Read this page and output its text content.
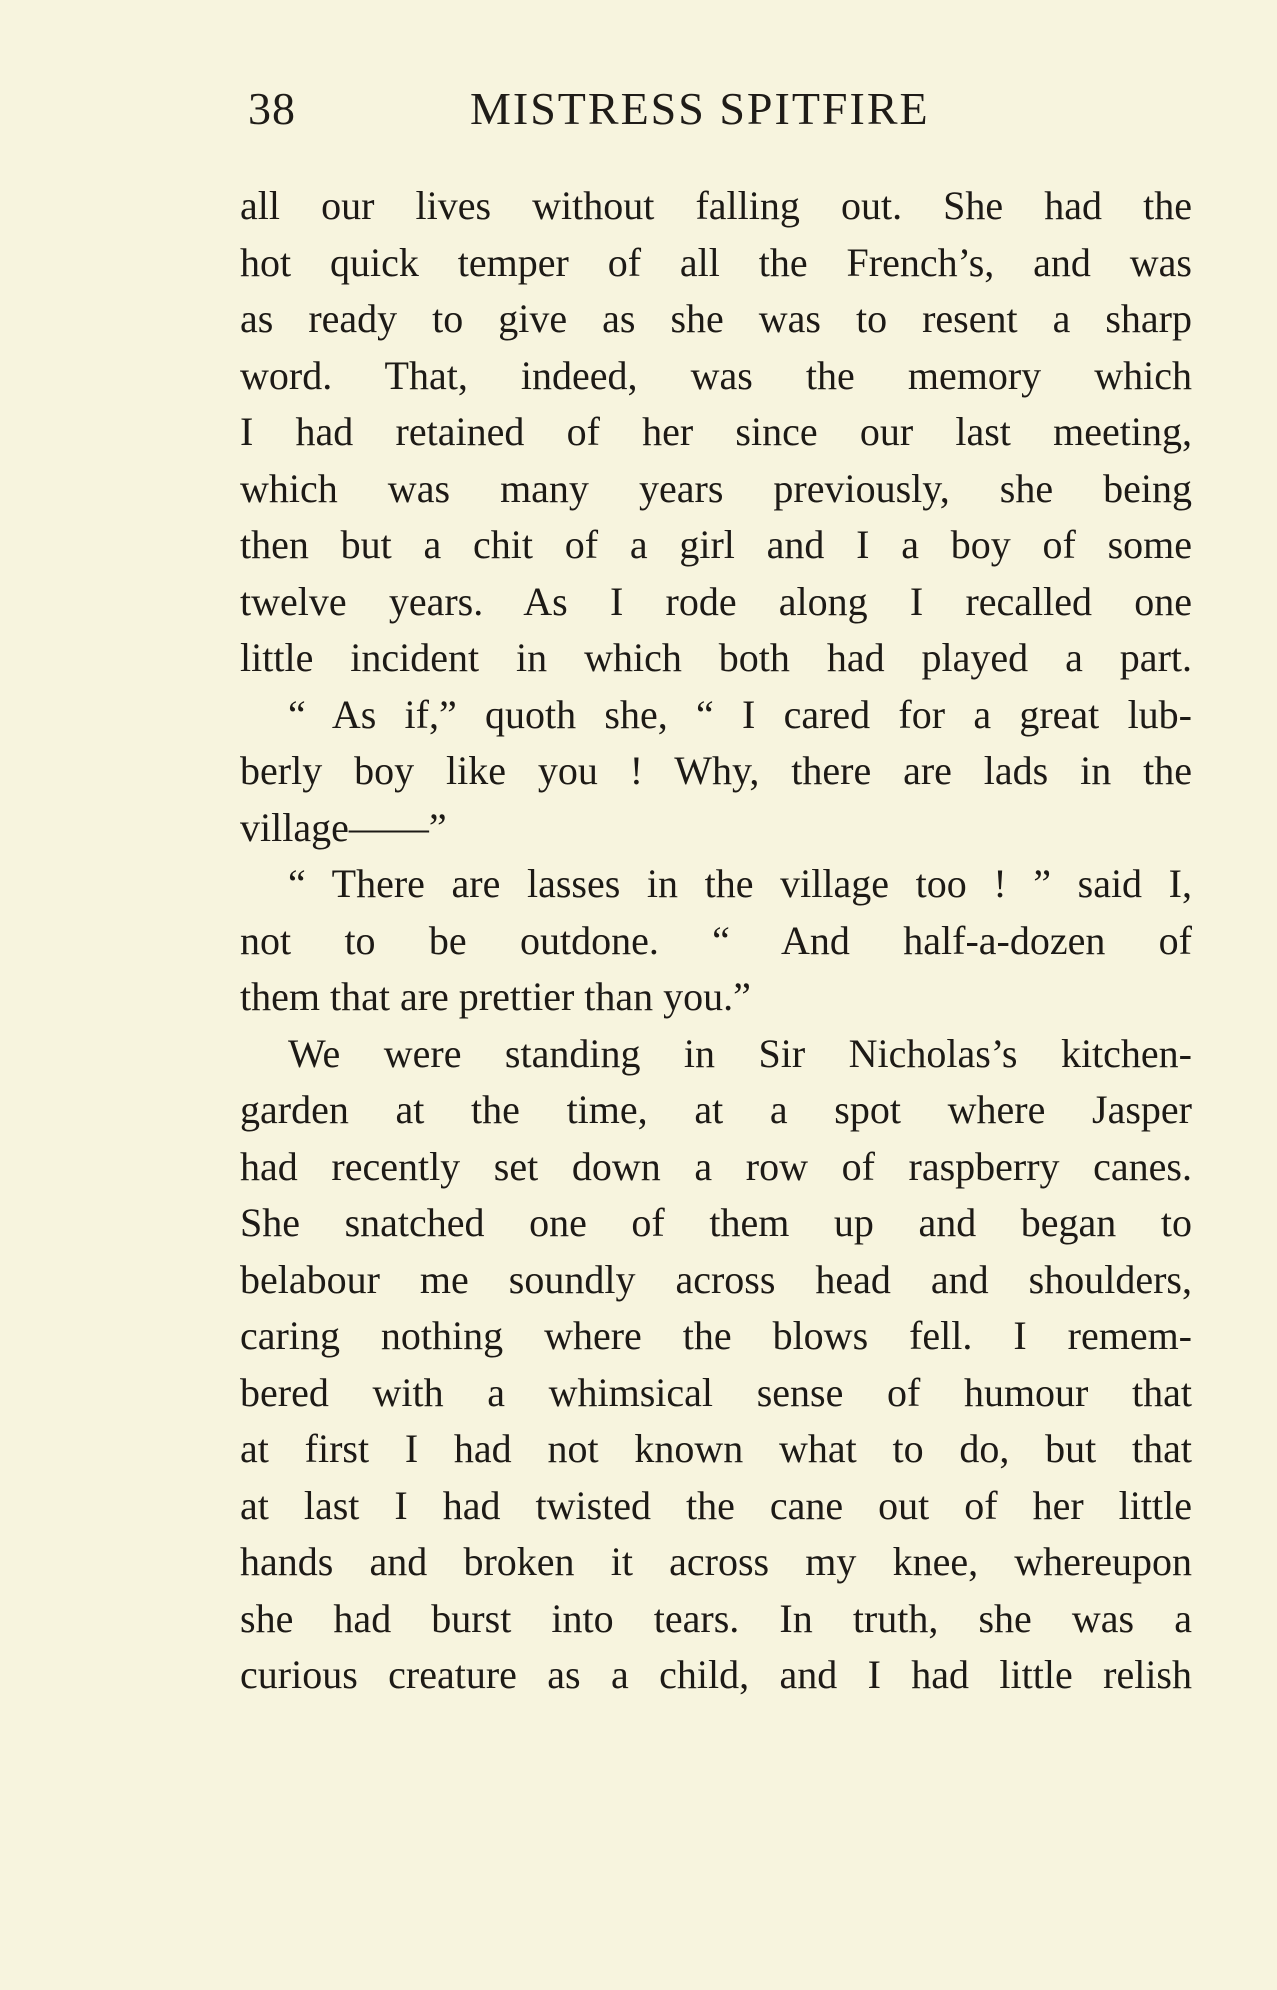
38	MISTRESS SPITFIRE
all our lives without falling out. She had the
hot quick temper of all the French’s, and was
as ready to give as she was to resent a sharp
word. That, indeed, was the memory which
I had retained of her since our last meeting,
which was many years previously, she being
then but a chit of a girl and I a boy of some
twelve years. As I rode along I recalled one
little incident in which both had played a part.
“ As if,” quoth she, “ I cared for a great lub-
berly boy like you ! Why, there are lads in the
village——”
“ There are lasses in the village too ! ” said I,
not to be outdone. “ And half-a-dozen of
them that are prettier than you.”
We were standing in Sir Nicholas’s kitchen-
garden at the time, at a spot where Jasper
had recently set down a row of raspberry canes.
She snatched one of them up and began to
belabour me soundly across head and shoulders,
caring nothing where the blows fell. I remem-
bered with a whimsical sense of humour that
at first I had not known what to do, but that
at last I had twisted the cane out of her little
hands and broken it across my knee, whereupon
she had burst into tears. In truth, she was a
curious creature as a child, and I had little relish
